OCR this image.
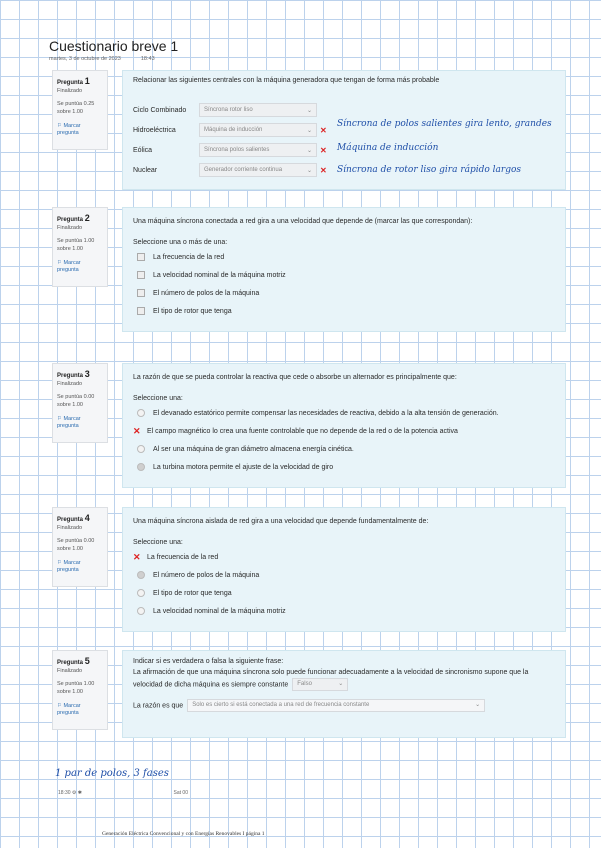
Cuestionario breve 1
martes, 3 de octubre de 2023	18:43
Pregunta 1
Finalizado
Se puntúa 0.25 sobre 1.00
⚐ Marcar pregunta

Relacionar las siguientes centrales con la máquina generadora que tengan de forma más probable

Ciclo Combinado	Síncrona rotor liso	⌄
Hidroeléctrica	Máquina de inducción	⌄ ✕
Eólica	Síncrona polos salientes	⌄ ✕
Nuclear	Generador corriente continua	⌄ ✕
Síncrona de polos salientes gira lento, grandes
Máquina de inducción
Síncrona de rotor liso gira rápido largos
Pregunta 2
Finalizado
Se puntúa 1.00 sobre 1.00
⚐ Marcar pregunta

Una máquina síncrona conectada a red gira a una velocidad que depende de (marcar las que correspondan):

Seleccione una o más de una:

La frecuencia de la red
La velocidad nominal de la máquina motriz
El número de polos de la máquina
El tipo de rotor que tenga
Pregunta 3
Finalizado
Se puntúa 0.00 sobre 1.00
⚐ Marcar pregunta

La razón de que se pueda controlar la reactiva que cede o absorbe un alternador es principalmente que:

Seleccione una:

El devanado estatórico permite compensar las necesidades de reactiva, debido a la alta tensión de generación.
✕ El campo magnético lo crea una fuente controlable que no depende de la red o de la potencia activa
Al ser una máquina de gran diámetro almacena energía cinética.
La turbina motora permite el ajuste de la velocidad de giro
Pregunta 4
Finalizado
Se puntúa 0.00 sobre 1.00
⚐ Marcar pregunta

Una máquina síncrona aislada de red gira a una velocidad que depende fundamentalmente de:

Seleccione una:

✕ La frecuencia de la red
El número de polos de la máquina
El tipo de rotor que tenga
La velocidad nominal de la máquina motriz
Pregunta 5
Finalizado
Se puntúa 1.00 sobre 1.00
⚐ Marcar pregunta
Indicar si es verdadera o falsa la siguiente frase:
La afirmación de que una máquina síncrona solo puede funcionar adecuadamente a la velocidad de sincronismo supone que la velocidad de dicha máquina es siempre constante Falso	⌄
La razón es que Solo es cierto si está conectada a una red de frecuencia constante	⌄
1 par de polos, 3 fases
18:30 ⚙ ✱	Sat 00
Generación Eléctrica Convencional y con Energías Renovables I página 1
